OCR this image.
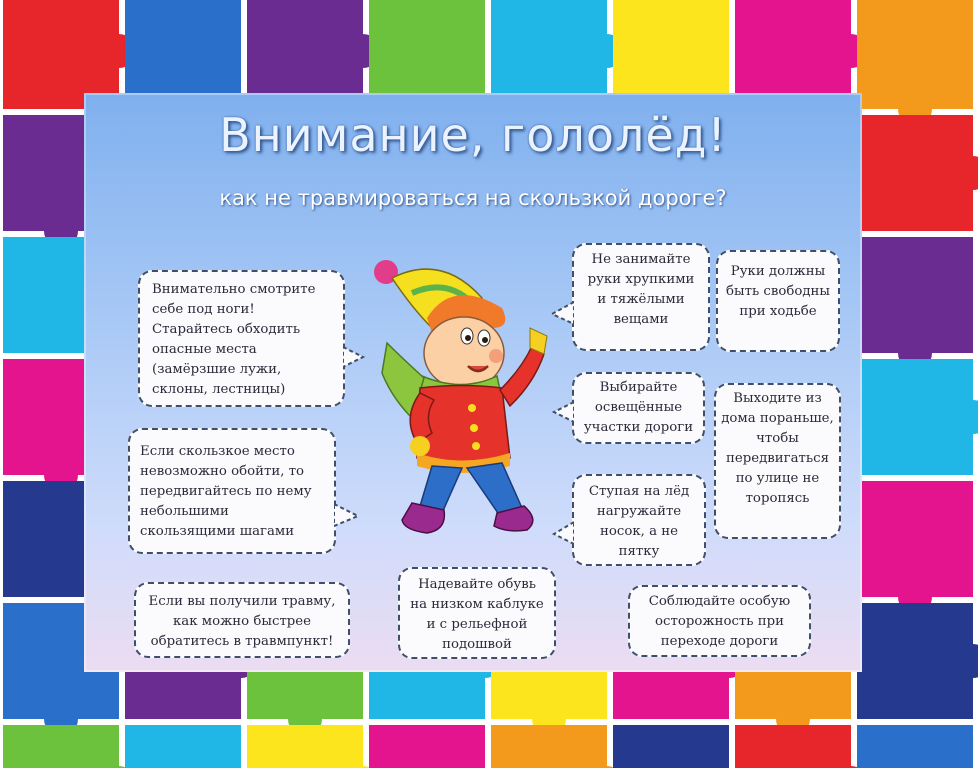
Внимание, гололёд!
как не травмироваться на скользкой дороге?
Внимательно смотрите себе под ноги! Старайтесь обходить опасные места (замёрзшие лужи, склоны, лестницы)
Если скользкое место невозможно обойти, то передвигайтесь по нему небольшими скользящими шагами
Если вы получили травму, как можно быстрее обратитесь в травмпункт!
Надевайте обувь на низком каблуке и с рельефной подошвой
Соблюдайте особую осторожность при переходе дороги
Не занимайте руки хрупкими и тяжёлыми вещами
Руки должны быть свободны при ходьбе
Выбирайте освещённые участки дороги
Выходите из дома пораньше, чтобы передвигаться по улице не торопясь
Ступая на лёд нагружайте носок, а не пятку
